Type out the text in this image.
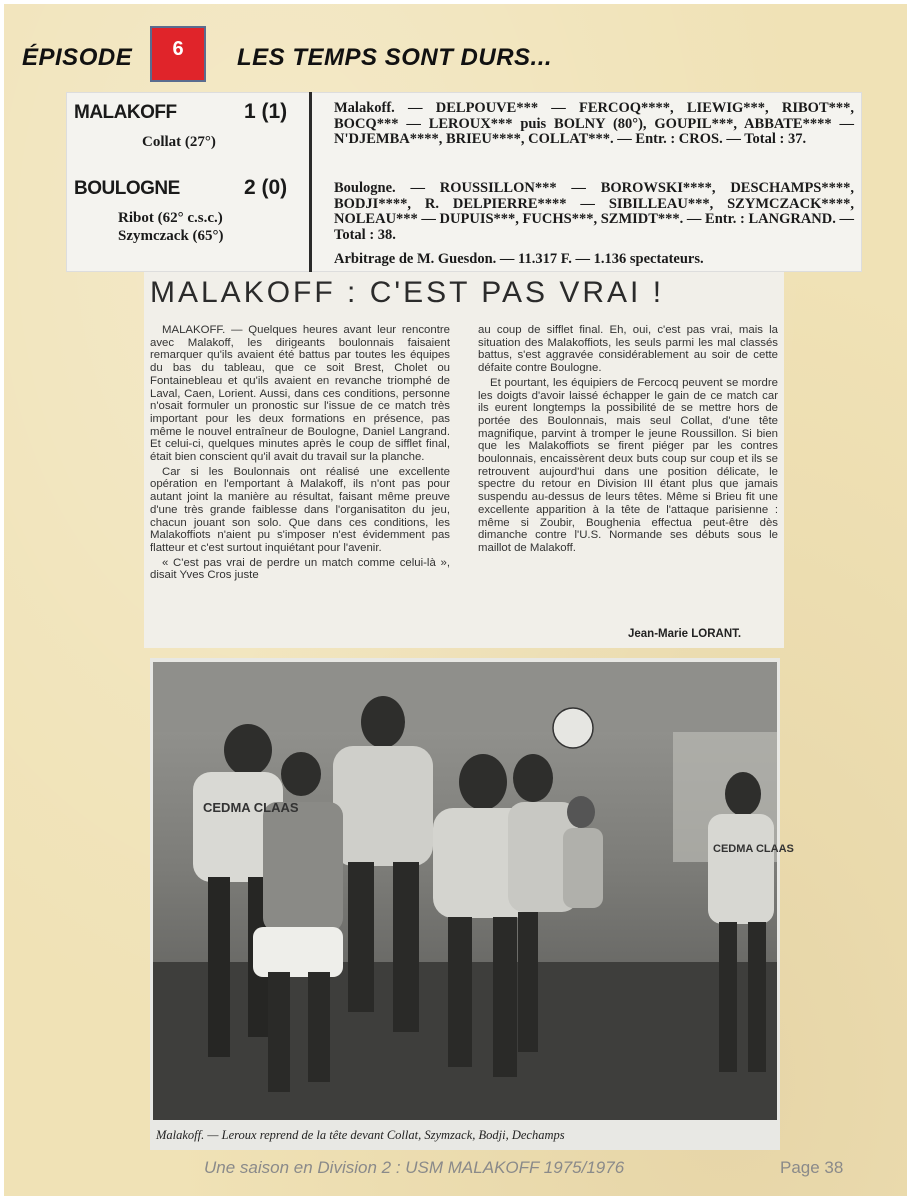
ÉPISODE	6	LES TEMPS SONT DURS...
MALAKOFF	1 (1)
Collat (27°)
BOULOGNE	2 (0)
Ribot (62° c.s.c.)
Szymczack (65°)

Malakoff. — DELPOUVE*** — FERCOQ****, LIEWIG***, RIBOT***, BOCQ*** — LEROUX*** puis BOLNY (80°), GOUPIL***, ABBATE**** — N'DJEMBA****, BRIEU****, COLLAT***. — Entr. : CROS. — Total : 37.

Boulogne. — ROUSSILLON*** — BOROWSKI****, DESCHAMPS****, BODJI****, R. DELPIERRE**** — SIBILLEAU***, SZYMCZACK****, NOLEAU*** — DUPUIS***, FUCHS***, SZMIDT***. — Entr. : LANGRAND. — Total : 38.

Arbitrage de M. Guesdon. — 11.317 F. — 1.136 spectateurs.

MALAKOFF : C'EST PAS VRAI !

MALAKOFF. — Quelques heures avant leur rencontre avec Malakoff, les dirigeants boulonnais faisaient remarquer qu'ils avaient été battus par toutes les équipes du bas du tableau, que ce soit Brest, Cholet ou Fontainebleau et qu'ils avaient en revanche triomphé de Laval, Caen, Lorient. Aussi, dans ces conditions, personne n'osait formuler un pronostic sur l'issue de ce match très important pour les deux formations en présence, pas même le nouvel entraîneur de Boulogne, Daniel Langrand. Et celui-ci, quelques minutes après le coup de sifflet final, était bien conscient qu'il avait du travail sur la planche.

Car si les Boulonnais ont réalisé une excellente opération en l'emportant à Malakoff, ils n'ont pas pour autant joint la manière au résultat, faisant même preuve d'une très grande faiblesse dans l'organisatiton du jeu, chacun jouant son solo. Que dans ces conditions, les Malakoffiots n'aient pu s'imposer n'est évidemment pas flatteur et c'est surtout inquiétant pour l'avenir.

« C'est pas vrai de perdre un match comme celui-là », disait Yves Cros juste

au coup de sifflet final. Eh, oui, c'est pas vrai, mais la situation des Malakoffiots, les seuls parmi les mal classés battus, s'est aggravée considérablement au soir de cette défaite contre Boulogne.

Et pourtant, les équipiers de Fercocq peuvent se mordre les doigts d'avoir laissé échapper le gain de ce match car ils eurent longtemps la possibilité de se mettre hors de portée des Boulonnais, mais seul Collat, d'une tête magnifique, parvint à tromper le jeune Roussillon. Si bien que les Malakoffiots se firent piéger par les contres boulonnais, encaissèrent deux buts coup sur coup et ils se retrouvent aujourd'hui dans une position délicate, le spectre du retour en Division III étant plus que jamais suspendu au-dessus de leurs têtes. Même si Brieu fit une excellente apparition à la tête de l'attaque parisienne : même si Zoubir, Boughenia effectua peut-être dès dimanche contre l'U.S. Normande ses débuts sous le maillot de Malakoff.

Jean-Marie LORANT.

CEDMA CLAAS
CEDMA CLAAS

Malakoff. — Leroux reprend de la tête devant Collat, Szymzack, Bodji, Dechamps

Une saison en Division 2 : USM MALAKOFF 1975/1976	Page 38
